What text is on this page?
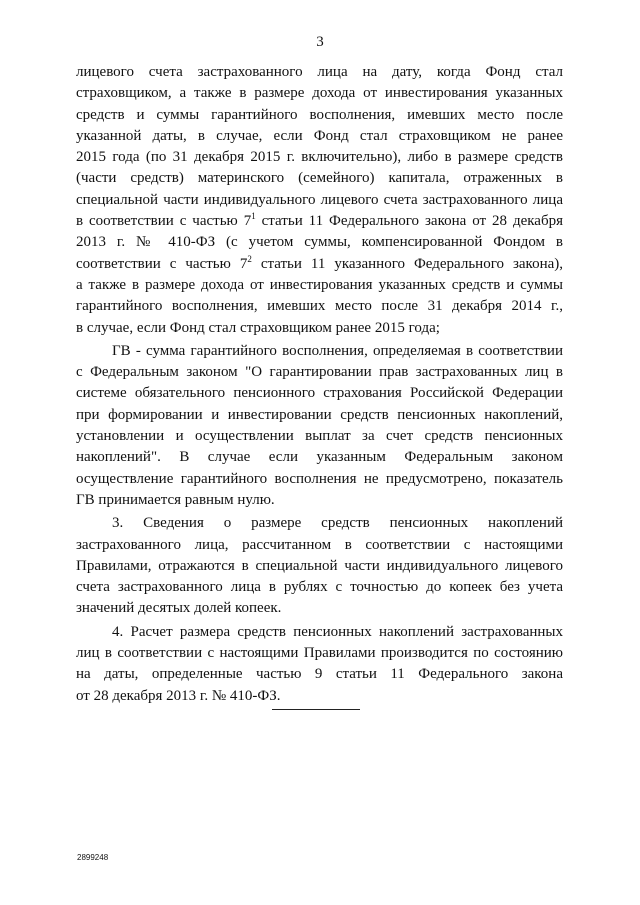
3
лицевого счета застрахованного лица на дату, когда Фонд стал
страховщиком, а также в размере дохода от инвестирования указанных
средств и суммы гарантийного восполнения, имевших место после
указанной даты, в случае, если Фонд стал страховщиком не ранее
2015 года (по 31 декабря 2015 г. включительно), либо в размере средств
(части средств) материнского (семейного) капитала, отраженных в
специальной части индивидуального лицевого счета застрахованного лица
в соответствии с частью $7^1$ статьи 11 Федерального закона от 28 декабря
2013 г. № 410-ФЗ (с учетом суммы, компенсированной Фондом в
соответствии с частью $7^2$ статьи 11 указанного Федерального закона),
а также в размере дохода от инвестирования указанных средств и суммы
гарантийного восполнения, имевших место после 31 декабря 2014 г.,
в случае, если Фонд стал страховщиком ранее 2015 года;
ГВ - сумма гарантийного восполнения, определяемая в соответствии
с Федеральным законом "О гарантировании прав застрахованных лиц в
системе обязательного пенсионного страхования Российской Федерации
при формировании и инвестировании средств пенсионных накоплений,
установлении и осуществлении выплат за счет средств пенсионных
накоплений". В случае если указанным Федеральным законом
осуществление гарантийного восполнения не предусмотрено, показатель
ГВ принимается равным нулю.
3. Сведения о размере средств пенсионных накоплений
застрахованного лица, рассчитанном в соответствии с настоящими
Правилами, отражаются в специальной части индивидуального лицевого
счета застрахованного лица в рублях с точностью до копеек без учета
значений десятых долей копеек.
4. Расчет размера средств пенсионных накоплений застрахованных
лиц в соответствии с настоящими Правилами производится по состоянию
на даты, определенные частью 9 статьи 11 Федерального закона
от 28 декабря 2013 г. № 410-ФЗ.
2899248
